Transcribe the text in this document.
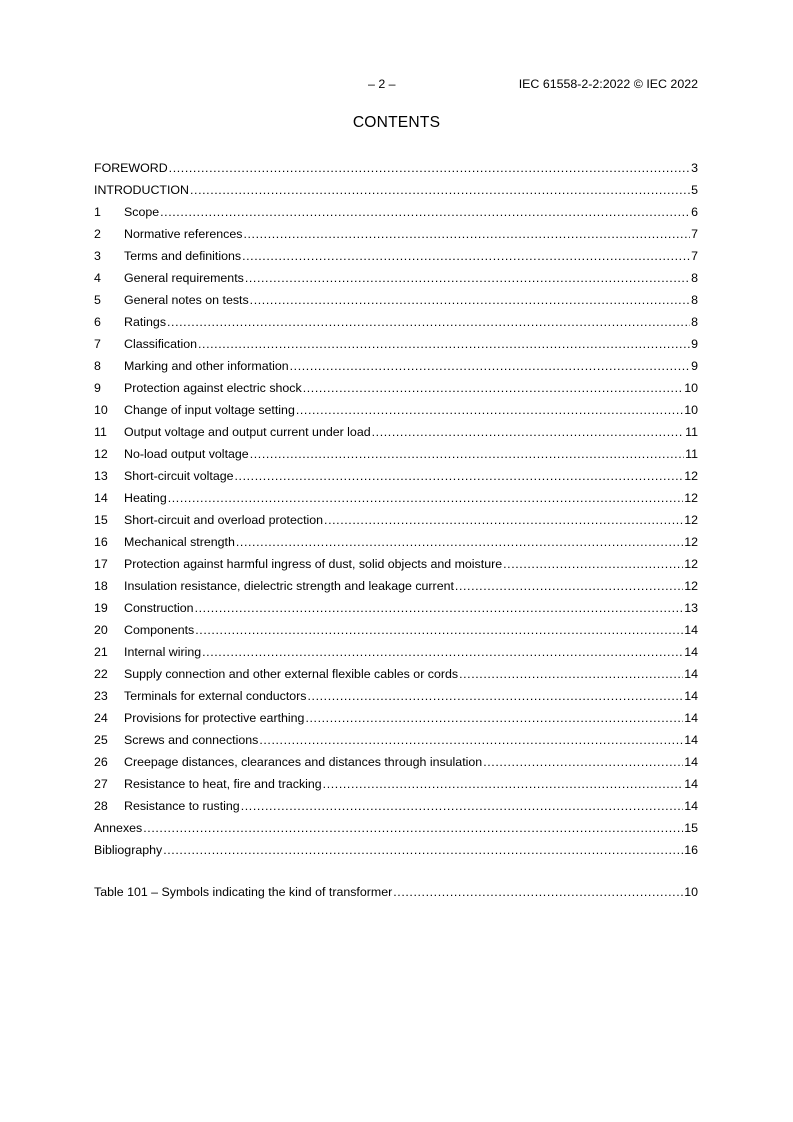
– 2 –	IEC 61558-2-2:2022 © IEC 2022
CONTENTS
FOREWORD .....	3
INTRODUCTION .....	5
1	Scope .....	6
2	Normative references .....	7
3	Terms and definitions .....	7
4	General requirements .....	8
5	General notes on tests .....	8
6	Ratings .....	8
7	Classification .....	9
8	Marking and other information .....	9
9	Protection against electric shock .....	10
10	Change of input voltage setting .....	10
11	Output voltage and output current under load .....	11
12	No-load output voltage .....	11
13	Short-circuit voltage .....	12
14	Heating .....	12
15	Short-circuit and overload protection .....	12
16	Mechanical strength .....	12
17	Protection against harmful ingress of dust, solid objects and moisture .....	12
18	Insulation resistance, dielectric strength and leakage current .....	12
19	Construction .....	13
20	Components .....	14
21	Internal wiring .....	14
22	Supply connection and other external flexible cables or cords .....	14
23	Terminals for external conductors .....	14
24	Provisions for protective earthing .....	14
25	Screws and connections .....	14
26	Creepage distances, clearances and distances through insulation .....	14
27	Resistance to heat, fire and tracking .....	14
28	Resistance to rusting .....	14
Annexes .....	15
Bibliography .....	16
Table 101 – Symbols indicating the kind of transformer .....	10
